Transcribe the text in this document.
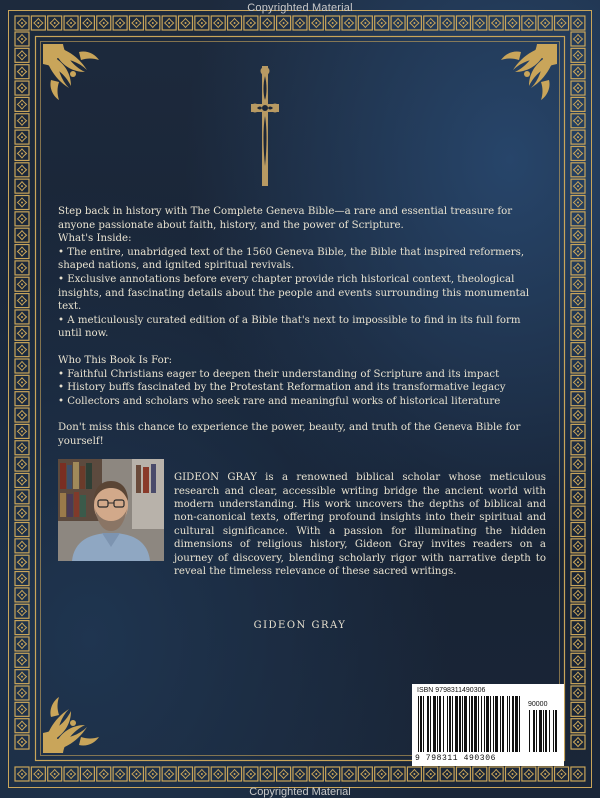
Copyrighted Material

Step back in history with The Complete Geneva Bible—a rare and essential treasure for anyone passionate about faith, history, and the power of Scripture.

What's Inside:

• The entire, unabridged text of the 1560 Geneva Bible, the Bible that inspired reformers, shaped nations, and ignited spiritual revivals.

• Exclusive annotations before every chapter provide rich historical context, theological insights, and fascinating details about the people and events surrounding this monumental text.

• A meticulously curated edition of a Bible that's next to impossible to find in its full form until now.

Who This Book Is For:

• Faithful Christians eager to deepen their understanding of Scripture and its impact

• History buffs fascinated by the Protestant Reformation and its transformative legacy

• Collectors and scholars who seek rare and meaningful works of historical literature

Don't miss this chance to experience the power, beauty, and truth of the Geneva Bible for yourself!

GIDEON GRAY is a renowned biblical scholar whose meticulous research and clear, accessible writing bridge the ancient world with modern understanding. His work uncovers the depths of biblical and non-canonical texts, offering profound insights into their spiritual and cultural significance. With a passion for illuminating the hidden dimensions of religious history, Gideon Gray invites readers on a journey of discovery, blending scholarly rigor with narrative depth to reveal the timeless relevance of these sacred writings.

GIDEON GRAY
ISBN 9798311490306
90000
9 798311 490306
Copyrighted Material
